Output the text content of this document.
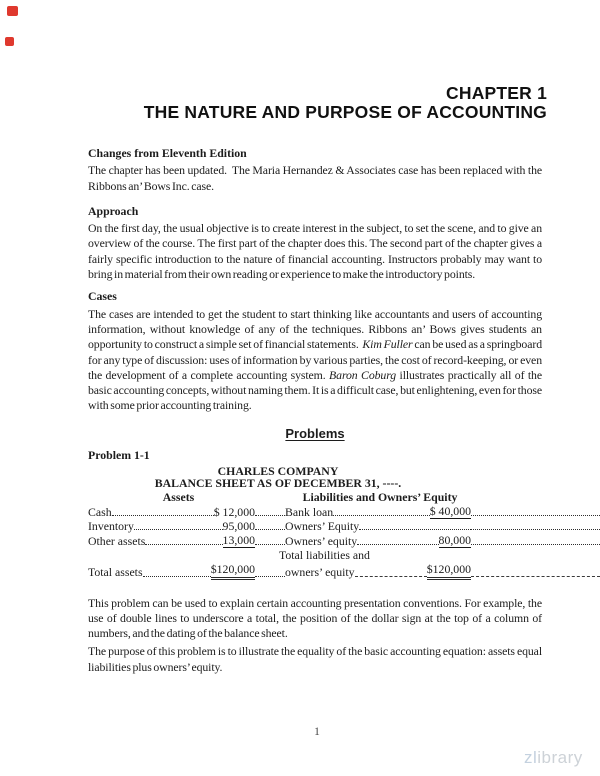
CHAPTER 1
THE NATURE AND PURPOSE OF ACCOUNTING
Changes from Eleventh Edition

The chapter has been updated.  The Maria Hernandez & Associates case has been replaced with the Ribbons an’ Bows Inc. case.

Approach

On the first day, the usual objective is to create interest in the subject, to set the scene, and to give an overview of the course. The first part of the chapter does this. The second part of the chapter gives a fairly specific introduction to the nature of financial accounting. Instructors probably may want to bring in material from their own reading or experience to make the introductory points.

Cases

The cases are intended to get the student to start thinking like accountants and users of accounting information, without knowledge of any of the techniques. Ribbons an’ Bows gives students an opportunity to construct a simple set of financial statements.  Kim Fuller can be used as a springboard for any type of discussion: uses of information by various parties, the cost of record-keeping, or even the development of a complete accounting system. Baron Coburg illustrates practically all of the basic accounting concepts, without naming them. It is a difficult case, but enlightening, even for those with some prior accounting training.

Problems
Problem 1-1
CHARLES COMPANY
BALANCE SHEET AS OF DECEMBER 31, ----.
Assets	Liabilities and Owners’ Equity
Cash	$ 12,000	Bank loan	$ 40,000
Inventory	95,000	Owners’ Equity
Other assets	13,000	Owners’ equity	80,000
Total liabilities and
Total assets	$120,000	owners’ equity	$120,000

This problem can be used to explain certain accounting presentation conventions. For example, the use of double lines to underscore a total, the position of the dollar sign at the top of a column of numbers, and the dating of the balance sheet.

The purpose of this problem is to illustrate the equality of the basic accounting equation: assets equal liabilities plus owners’ equity.

1
zlibrary
